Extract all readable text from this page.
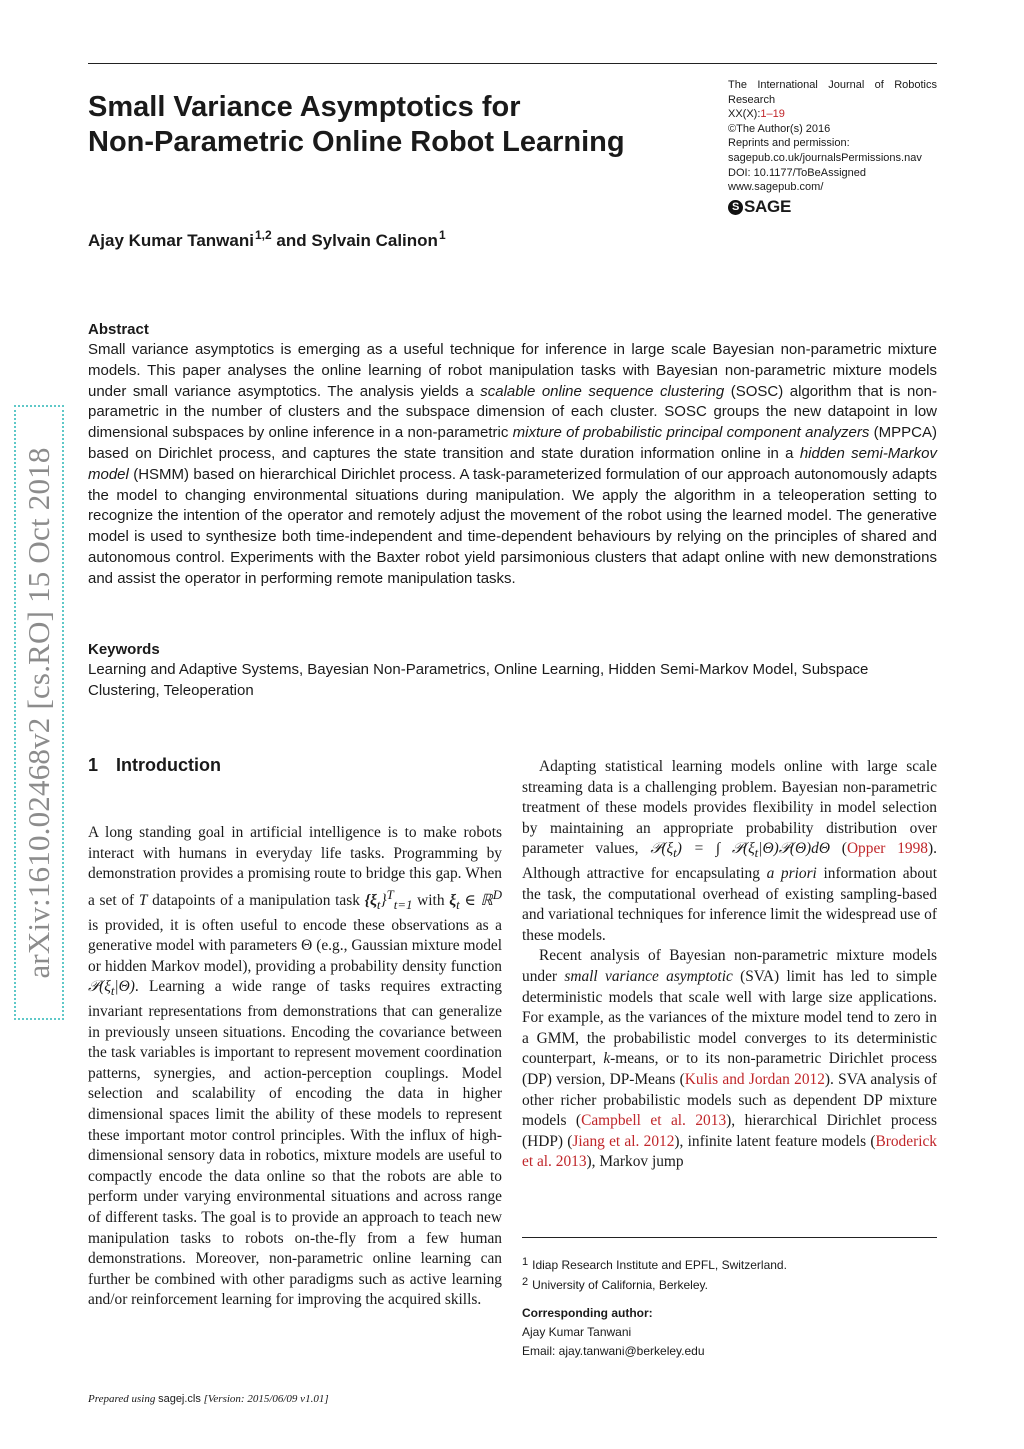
Small Variance Asymptotics for
Non-Parametric Online Robot Learning
The International Journal of Robotics
Research
XX(X):1–19
©The Author(s) 2016
Reprints and permission:
sagepub.co.uk/journalsPermissions.nav
DOI: 10.1177/ToBeAssigned
www.sagepub.com/
S SAGE
Ajay Kumar Tanwani$^{1,2}$ and Sylvain Calinon$^1$
Abstract
Small variance asymptotics is emerging as a useful technique for inference in large scale Bayesian non-parametric mixture models. This paper analyses the online learning of robot manipulation tasks with Bayesian non-parametric mixture models under small variance asymptotics. The analysis yields a scalable online sequence clustering (SOSC) algorithm that is non-parametric in the number of clusters and the subspace dimension of each cluster. SOSC groups the new datapoint in low dimensional subspaces by online inference in a non-parametric mixture of probabilistic principal component analyzers (MPPCA) based on Dirichlet process, and captures the state transition and state duration information online in a hidden semi-Markov model (HSMM) based on hierarchical Dirichlet process. A task-parameterized formulation of our approach autonomously adapts the model to changing environmental situations during manipulation. We apply the algorithm in a teleoperation setting to recognize the intention of the operator and remotely adjust the movement of the robot using the learned model. The generative model is used to synthesize both time-independent and time-dependent behaviours by relying on the principles of shared and autonomous control. Experiments with the Baxter robot yield parsimonious clusters that adapt online with new demonstrations and assist the operator in performing remote manipulation tasks.
Keywords
Learning and Adaptive Systems, Bayesian Non-Parametrics, Online Learning, Hidden Semi-Markov Model, Subspace Clustering, Teleoperation
arXiv:1610.02468v2 [cs.RO] 15 Oct 2018 1 Introduction

A long standing goal in artificial intelligence is to make robots interact with humans in everyday life tasks. Programming by demonstration provides a promising route to bridge this gap. When a set of T datapoints of a manipulation task $\{\xi_t\}^T_{t=1}$ with $\xi_t$ ∈ ℝ$^D$ is provided, it is often useful to encode these observations as a generative model with parameters Θ (e.g., Gaussian mixture model or hidden Markov model), providing a probability density function $𝒫(\xi_t|\Theta)$. Learning a wide range of tasks requires extracting invariant representations from demonstrations that can generalize in previously unseen situations. Encoding the covariance between the task variables is important to represent movement coordination patterns, synergies, and action-perception couplings. Model selection and scalability of encoding the data in higher dimensional spaces limit the ability of these models to represent these important motor control principles. With the influx of high-dimensional sensory data in robotics, mixture models are useful to compactly encode the data online so that the robots are able to perform under varying environmental situations and across range of different tasks. The goal is to provide an approach to teach new manipulation tasks to robots on-the-fly from a few human demonstrations. Moreover, non-parametric online learning can further be combined with other paradigms such as active learning and/or reinforcement learning for improving the acquired skills.

Adapting statistical learning models online with large scale streaming data is a challenging problem. Bayesian non-parametric treatment of these models provides flexibility in model selection by maintaining an appropriate probability distribution over parameter values, $𝒫(\xi_t)$ = ∫ $𝒫(\xi_t|\Theta)𝒫(\Theta)d\Theta$ (Opper 1998). Although attractive for encapsulating a priori information about the task, the computational overhead of existing sampling-based and variational techniques for inference limit the widespread use of these models.

Recent analysis of Bayesian non-parametric mixture models under small variance asymptotic (SVA) limit has led to simple deterministic models that scale well with large size applications. For example, as the variances of the mixture model tend to zero in a GMM, the probabilistic model converges to its deterministic counterpart, k-means, or to its non-parametric Dirichlet process (DP) version, DP-Means (Kulis and Jordan 2012). SVA analysis of other richer probabilistic models such as dependent DP mixture models (Campbell et al. 2013), hierarchical Dirichlet process (HDP) (Jiang et al. 2012), infinite latent feature models (Broderick et al. 2013), Markov jump

$^1$ Idiap Research Institute and EPFL, Switzerland.
$^2$ University of California, Berkeley.
Corresponding author:
Ajay Kumar Tanwani
Email: ajay.tanwani@berkeley.edu
Prepared using sagej.cls [Version: 2015/06/09 v1.01]
